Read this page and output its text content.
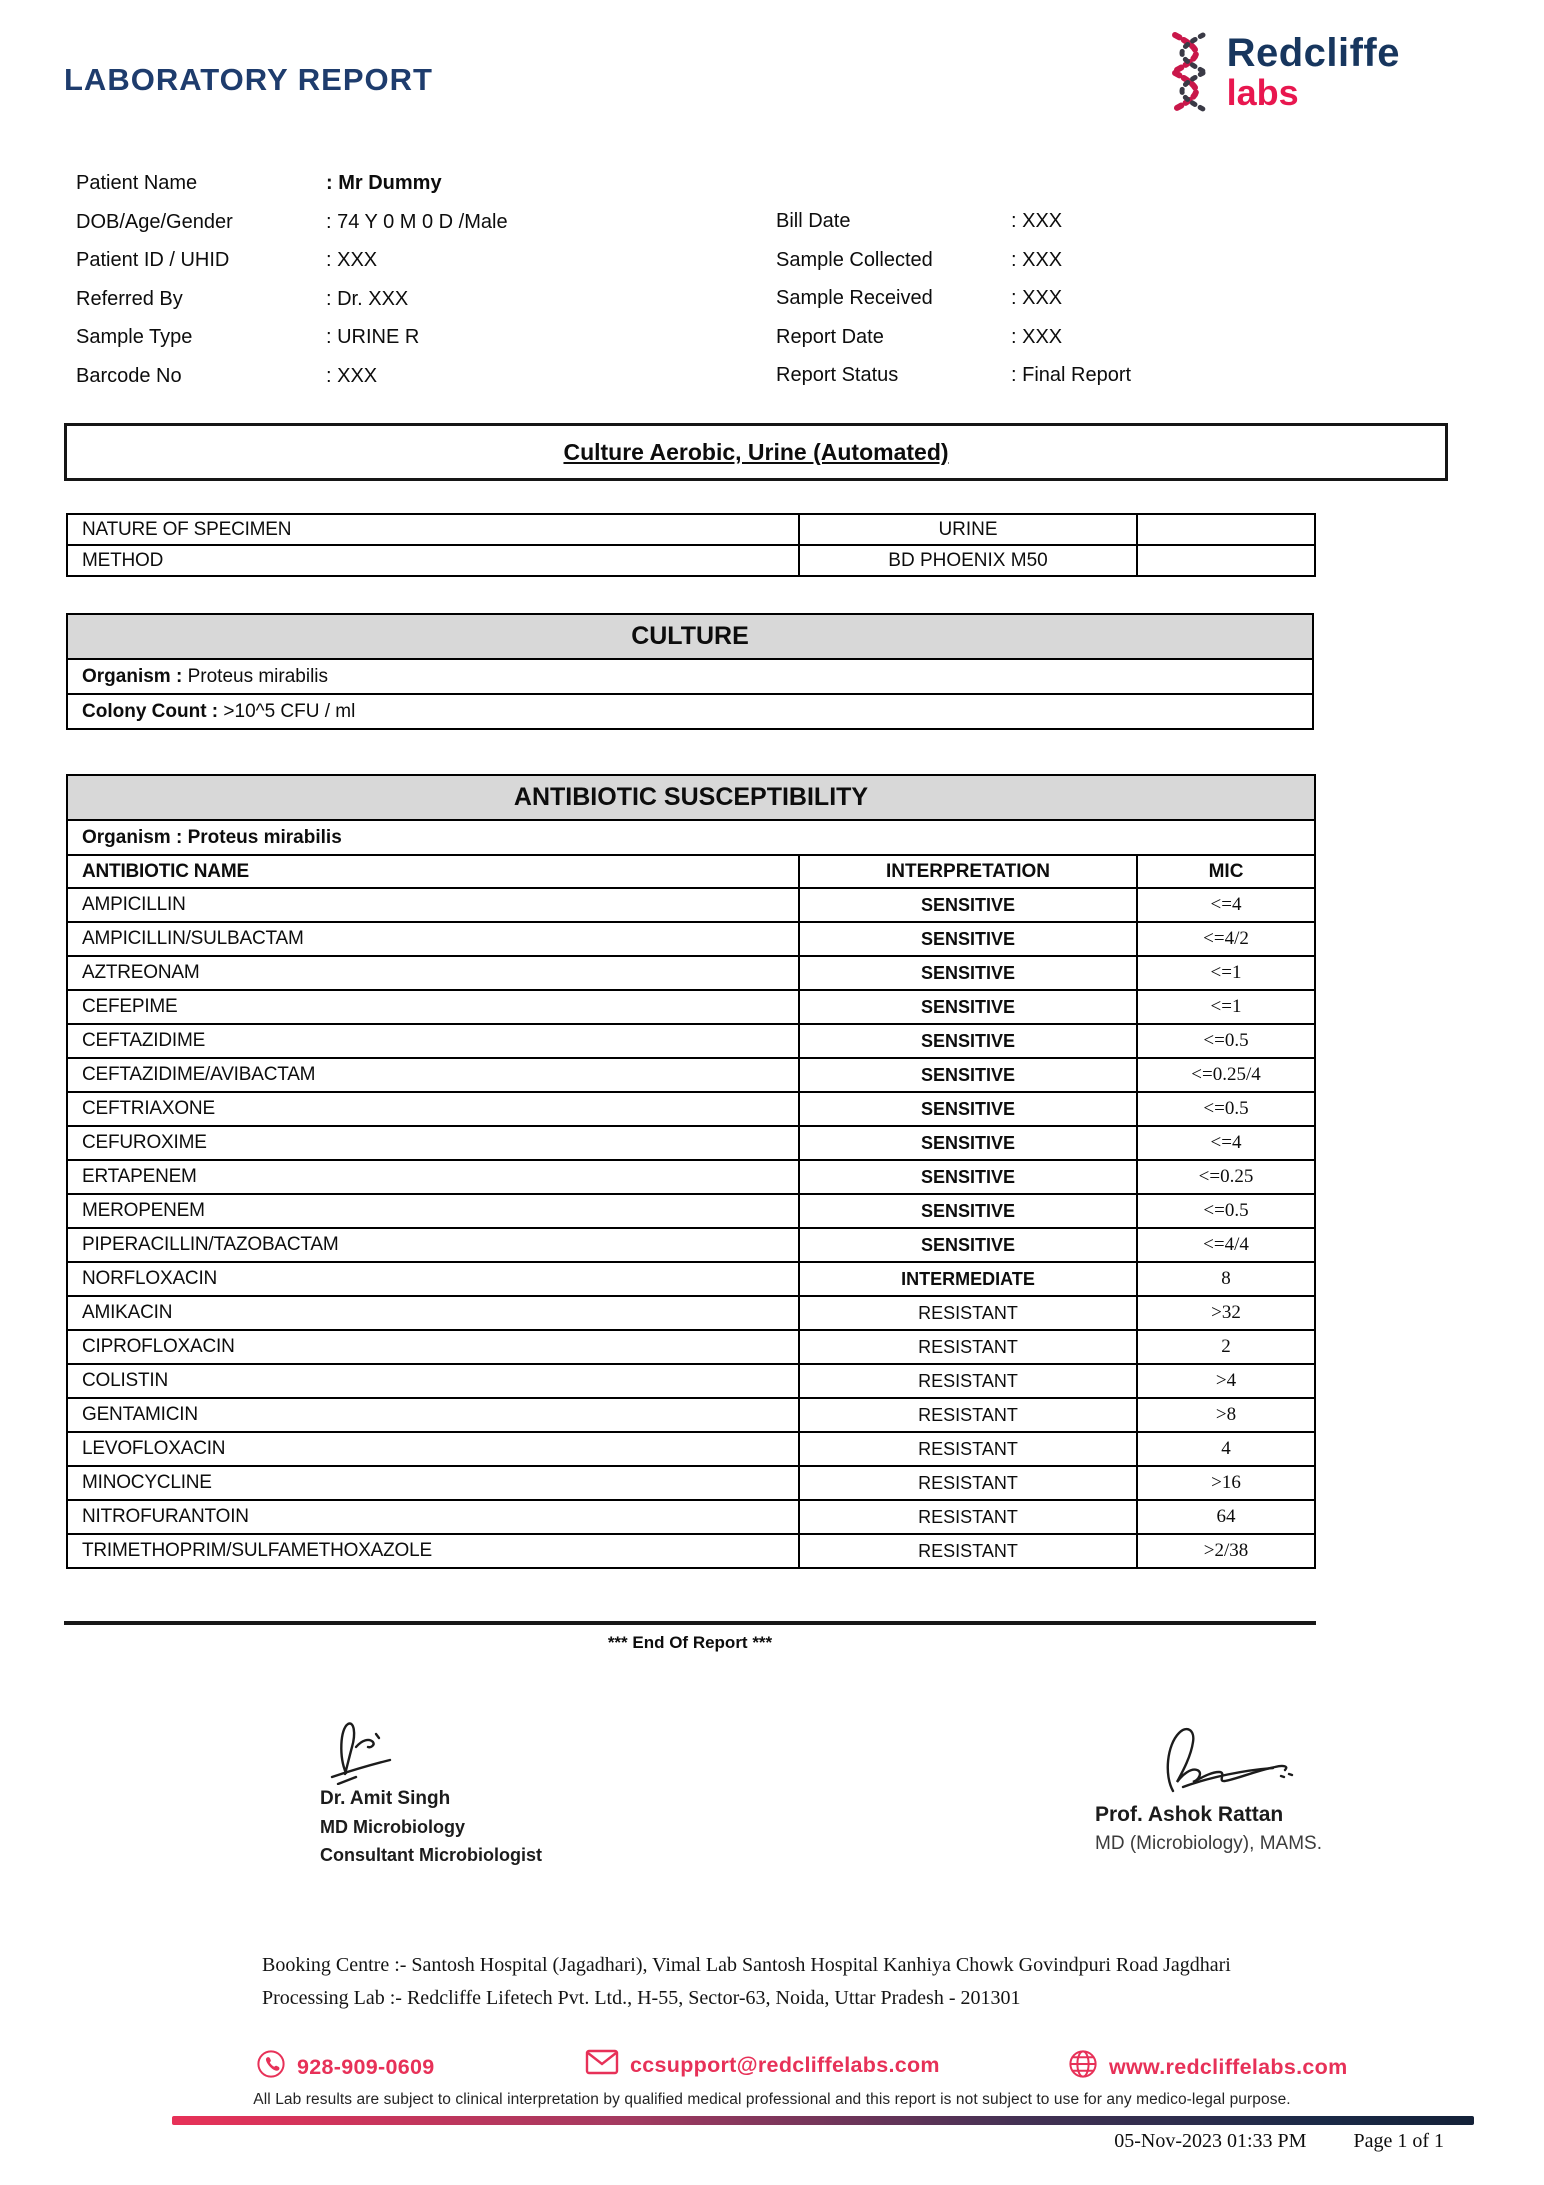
LABORATORY REPORT
Redcliffe
labs
Patient Name	: Mr Dummy
DOB/Age/Gender	: 74 Y 0 M 0 D /Male
Patient ID / UHID	: XXX
Referred By	: Dr. XXX
Sample Type	: URINE R
Barcode No	: XXX
Bill Date	: XXX
Sample Collected	: XXX
Sample Received	: XXX
Report Date	: XXX
Report Status	: Final Report
Culture Aerobic, Urine (Automated)
NATURE OF SPECIMEN	URINE	
METHOD	BD PHOENIX M50	
CULTURE
Organism : Proteus mirabilis
Colony Count : >10^5 CFU / ml
ANTIBIOTIC SUSCEPTIBILITY		
Organism : Proteus mirabilis		
ANTIBIOTIC NAME	INTERPRETATION	MIC
AMPICILLIN	SENSITIVE	<=4
AMPICILLIN/SULBACTAM	SENSITIVE	<=4/2
AZTREONAM	SENSITIVE	<=1
CEFEPIME	SENSITIVE	<=1
CEFTAZIDIME	SENSITIVE	<=0.5
CEFTAZIDIME/AVIBACTAM	SENSITIVE	<=0.25/4
CEFTRIAXONE	SENSITIVE	<=0.5
CEFUROXIME	SENSITIVE	<=4
ERTAPENEM	SENSITIVE	<=0.25
MEROPENEM	SENSITIVE	<=0.5
PIPERACILLIN/TAZOBACTAM	SENSITIVE	<=4/4
NORFLOXACIN	INTERMEDIATE	8
AMIKACIN	RESISTANT	>32
CIPROFLOXACIN	RESISTANT	2
COLISTIN	RESISTANT	>4
GENTAMICIN	RESISTANT	>8
LEVOFLOXACIN	RESISTANT	4
MINOCYCLINE	RESISTANT	>16
NITROFURANTOIN	RESISTANT	64
TRIMETHOPRIM/SULFAMETHOXAZOLE	RESISTANT	>2/38
*** End Of Report ***
Dr. Amit Singh
MD Microbiology
Consultant Microbiologist
Prof. Ashok Rattan
MD (Microbiology), MAMS.
Booking Centre :- Santosh Hospital (Jagadhari), Vimal Lab Santosh Hospital Kanhiya Chowk Govindpuri Road Jagdhari
Processing Lab :- Redcliffe Lifetech Pvt. Ltd., H-55, Sector-63, Noida, Uttar Pradesh - 201301
928-909-0609	ccsupport@redcliffelabs.com	www.redcliffelabs.com
All Lab results are subject to clinical interpretation by qualified medical professional and this report is not subject to use for any medico-legal purpose.
05-Nov-2023 01:33 PM Page 1 of 1
